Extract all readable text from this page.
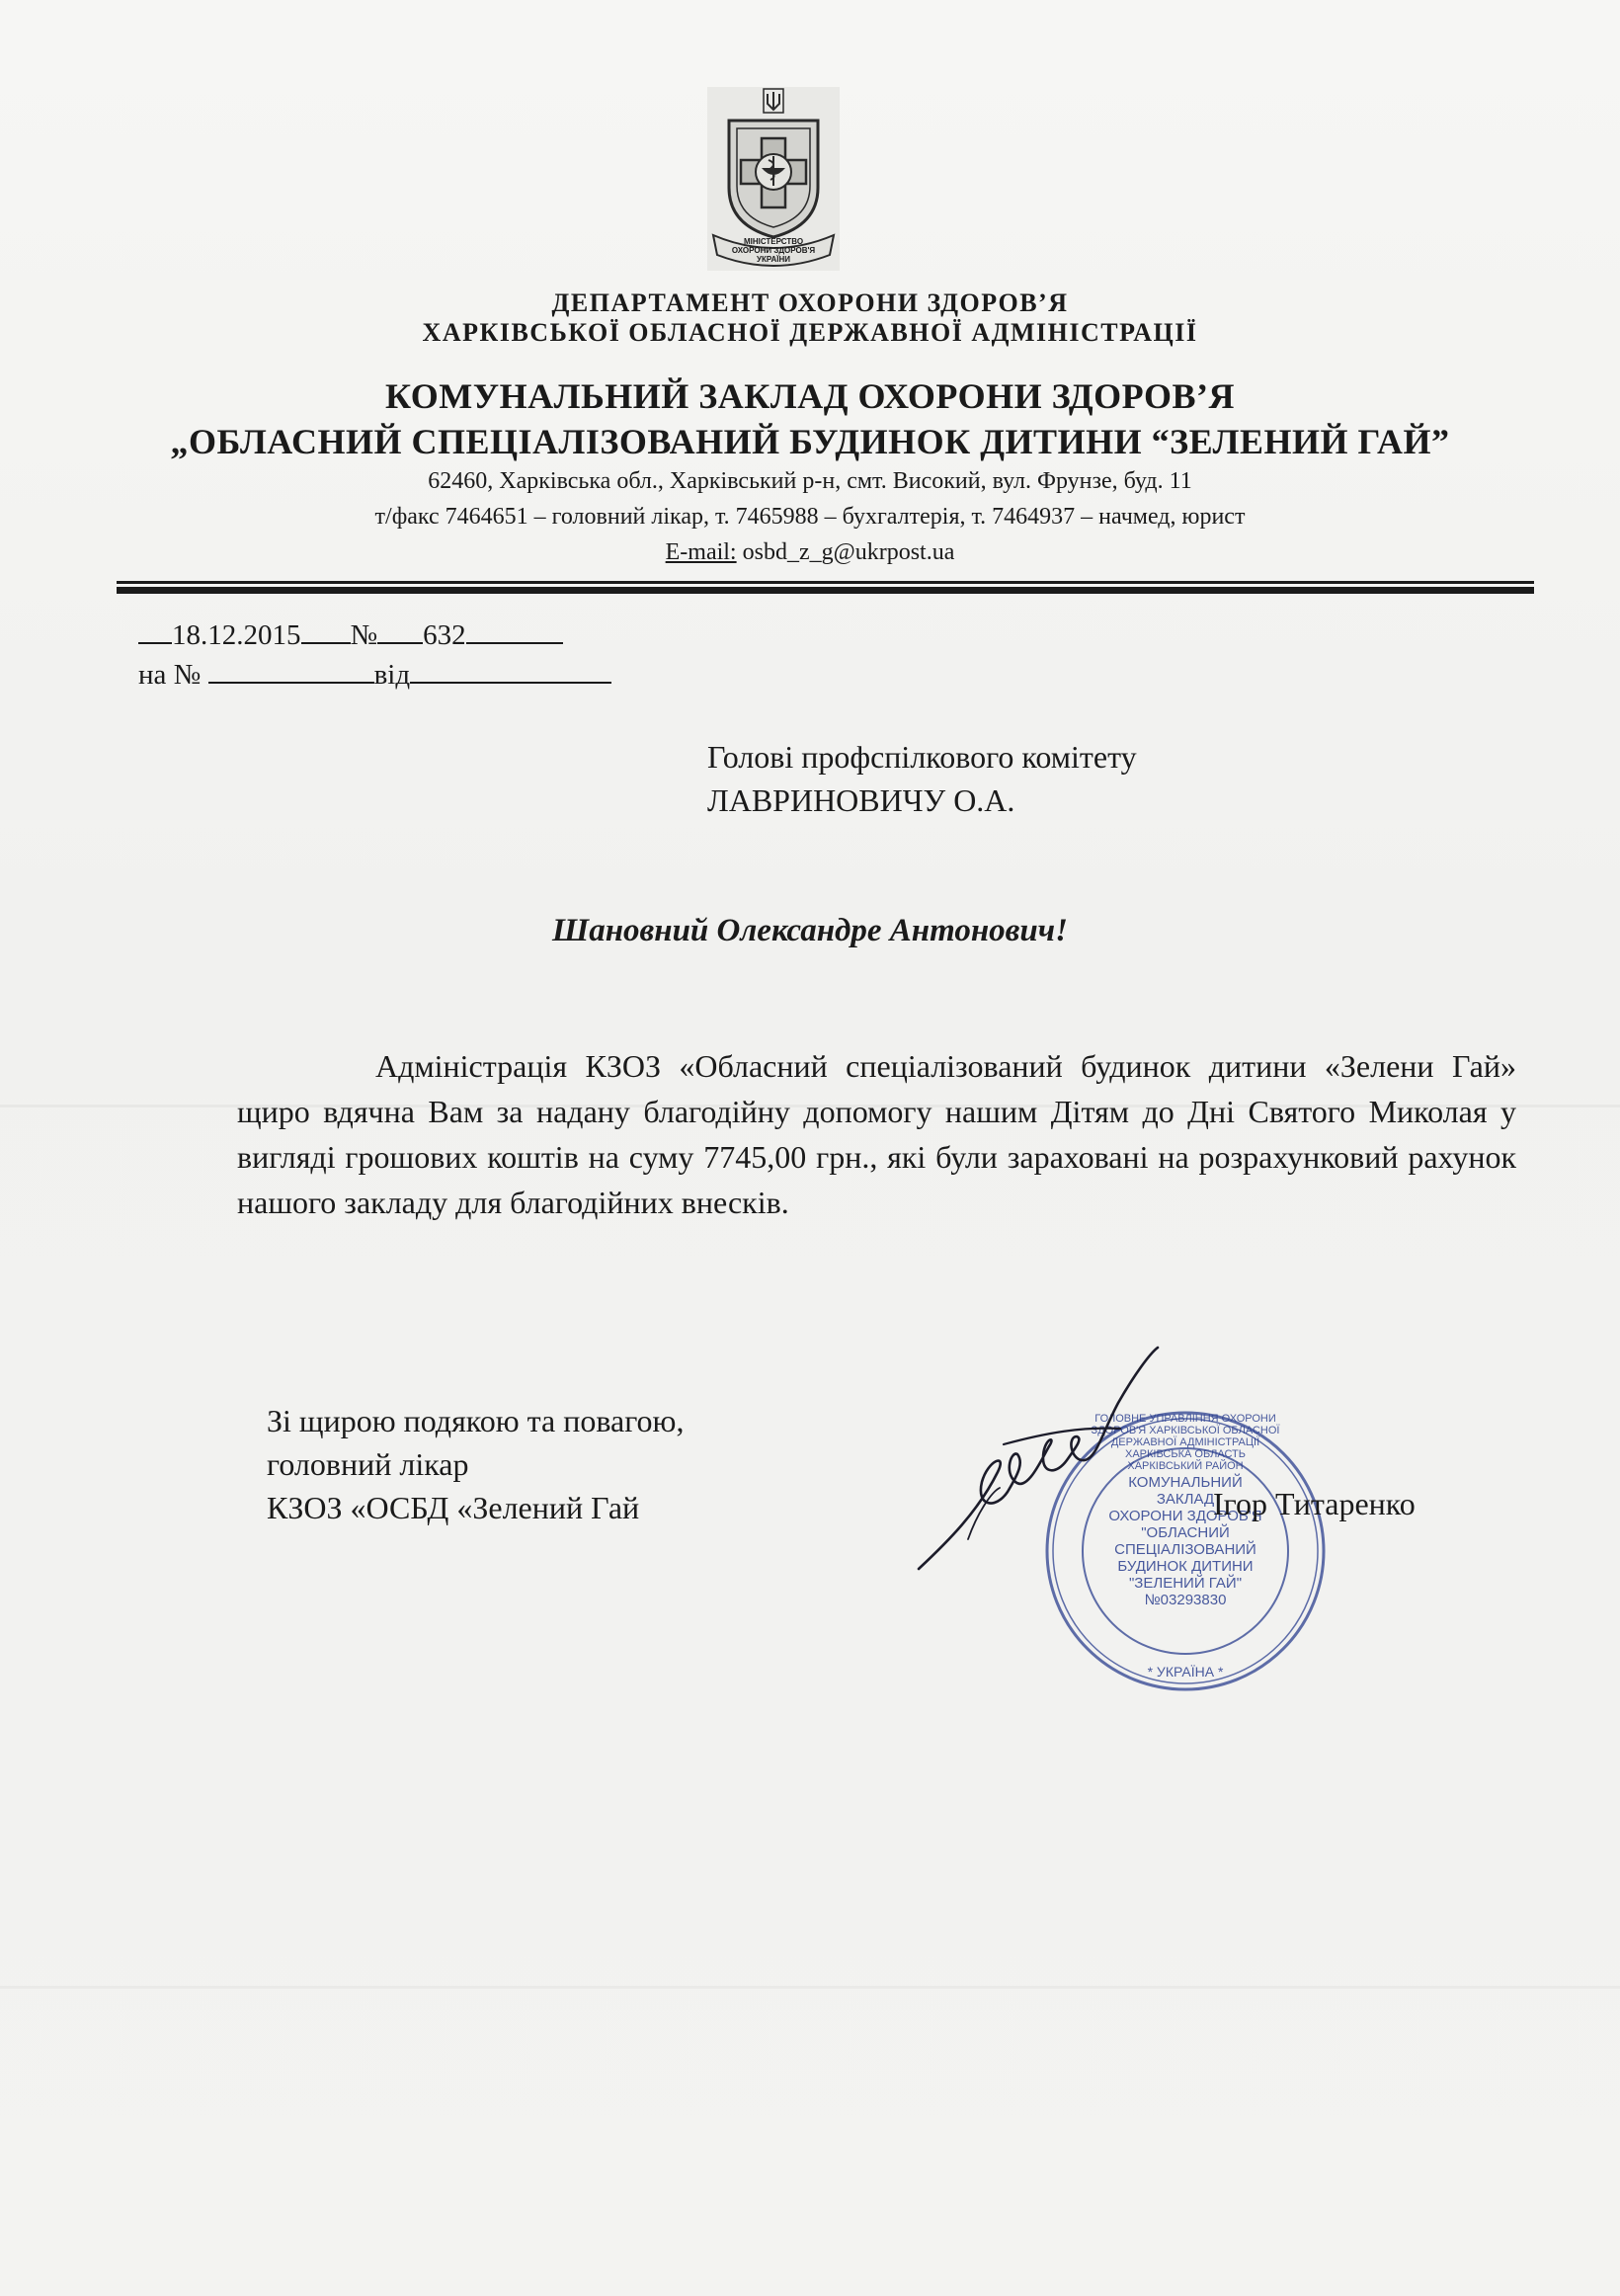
МІНІСТЕРСТВО ОХОРОНИ ЗДОРОВ'Я УКРАЇНИ
ДЕПАРТАМЕНТ ОХОРОНИ ЗДОРОВ’Я
ХАРКІВСЬКОЇ ОБЛАСНОЇ ДЕРЖАВНОЇ АДМІНІСТРАЦІЇ
КОМУНАЛЬНИЙ ЗАКЛАД ОХОРОНИ ЗДОРОВ’Я
„ОБЛАСНИЙ СПЕЦІАЛІЗОВАНИЙ БУДИНОК ДИТИНИ “ЗЕЛЕНИЙ ГАЙ”
62460, Харківська обл., Харківський р-н, смт. Високий, вул. Фрунзе, буд. 11
т/факс 7464651 – головний лікар, т. 7465988 – бухгалтерія, т. 7464937 – начмед, юрист
E-mail: osbd_z_g@ukrpost.ua
18.12.2015 № 632
на №	від
Голові профспілкового комітету
ЛАВРИНОВИЧУ О.А.
Шановний Олександре Антонович!
Адміністрація КЗОЗ «Обласний спеціалізований будинок дитини «Зелени Гай» щиро вдячна Вам за надану благодійну допомогу нашим Дітям до Дні Святого Миколая у вигляді грошових коштів на суму 7745,00 грн., які були зараховані на розрахунковий рахунок нашого закладу для благодійних внесків.
Зі щирою подякою та повагою,
головний лікар
КЗОЗ «ОСБД «Зелений Гай
ГОЛОВНЕ УПРАВЛІННЯ ОХОРОНИ ЗДОРОВ'Я ХАРКІВСЬКОЇ ОБЛАСНОЇ ДЕРЖАВНОЇ АДМІНІСТРАЦІЇ ХАРКІВСЬКА ОБЛАСТЬ ХАРКІВСЬКИЙ РАЙОН
* УКРАЇНА *
КОМУНАЛЬНИЙ
ЗАКЛАД
ОХОРОНИ ЗДОРОВ'Я
"ОБЛАСНИЙ
СПЕЦІАЛІЗОВАНИЙ
БУДИНОК ДИТИНИ
"ЗЕЛЕНИЙ ГАЙ"
№03293830
Ігор Титаренко
